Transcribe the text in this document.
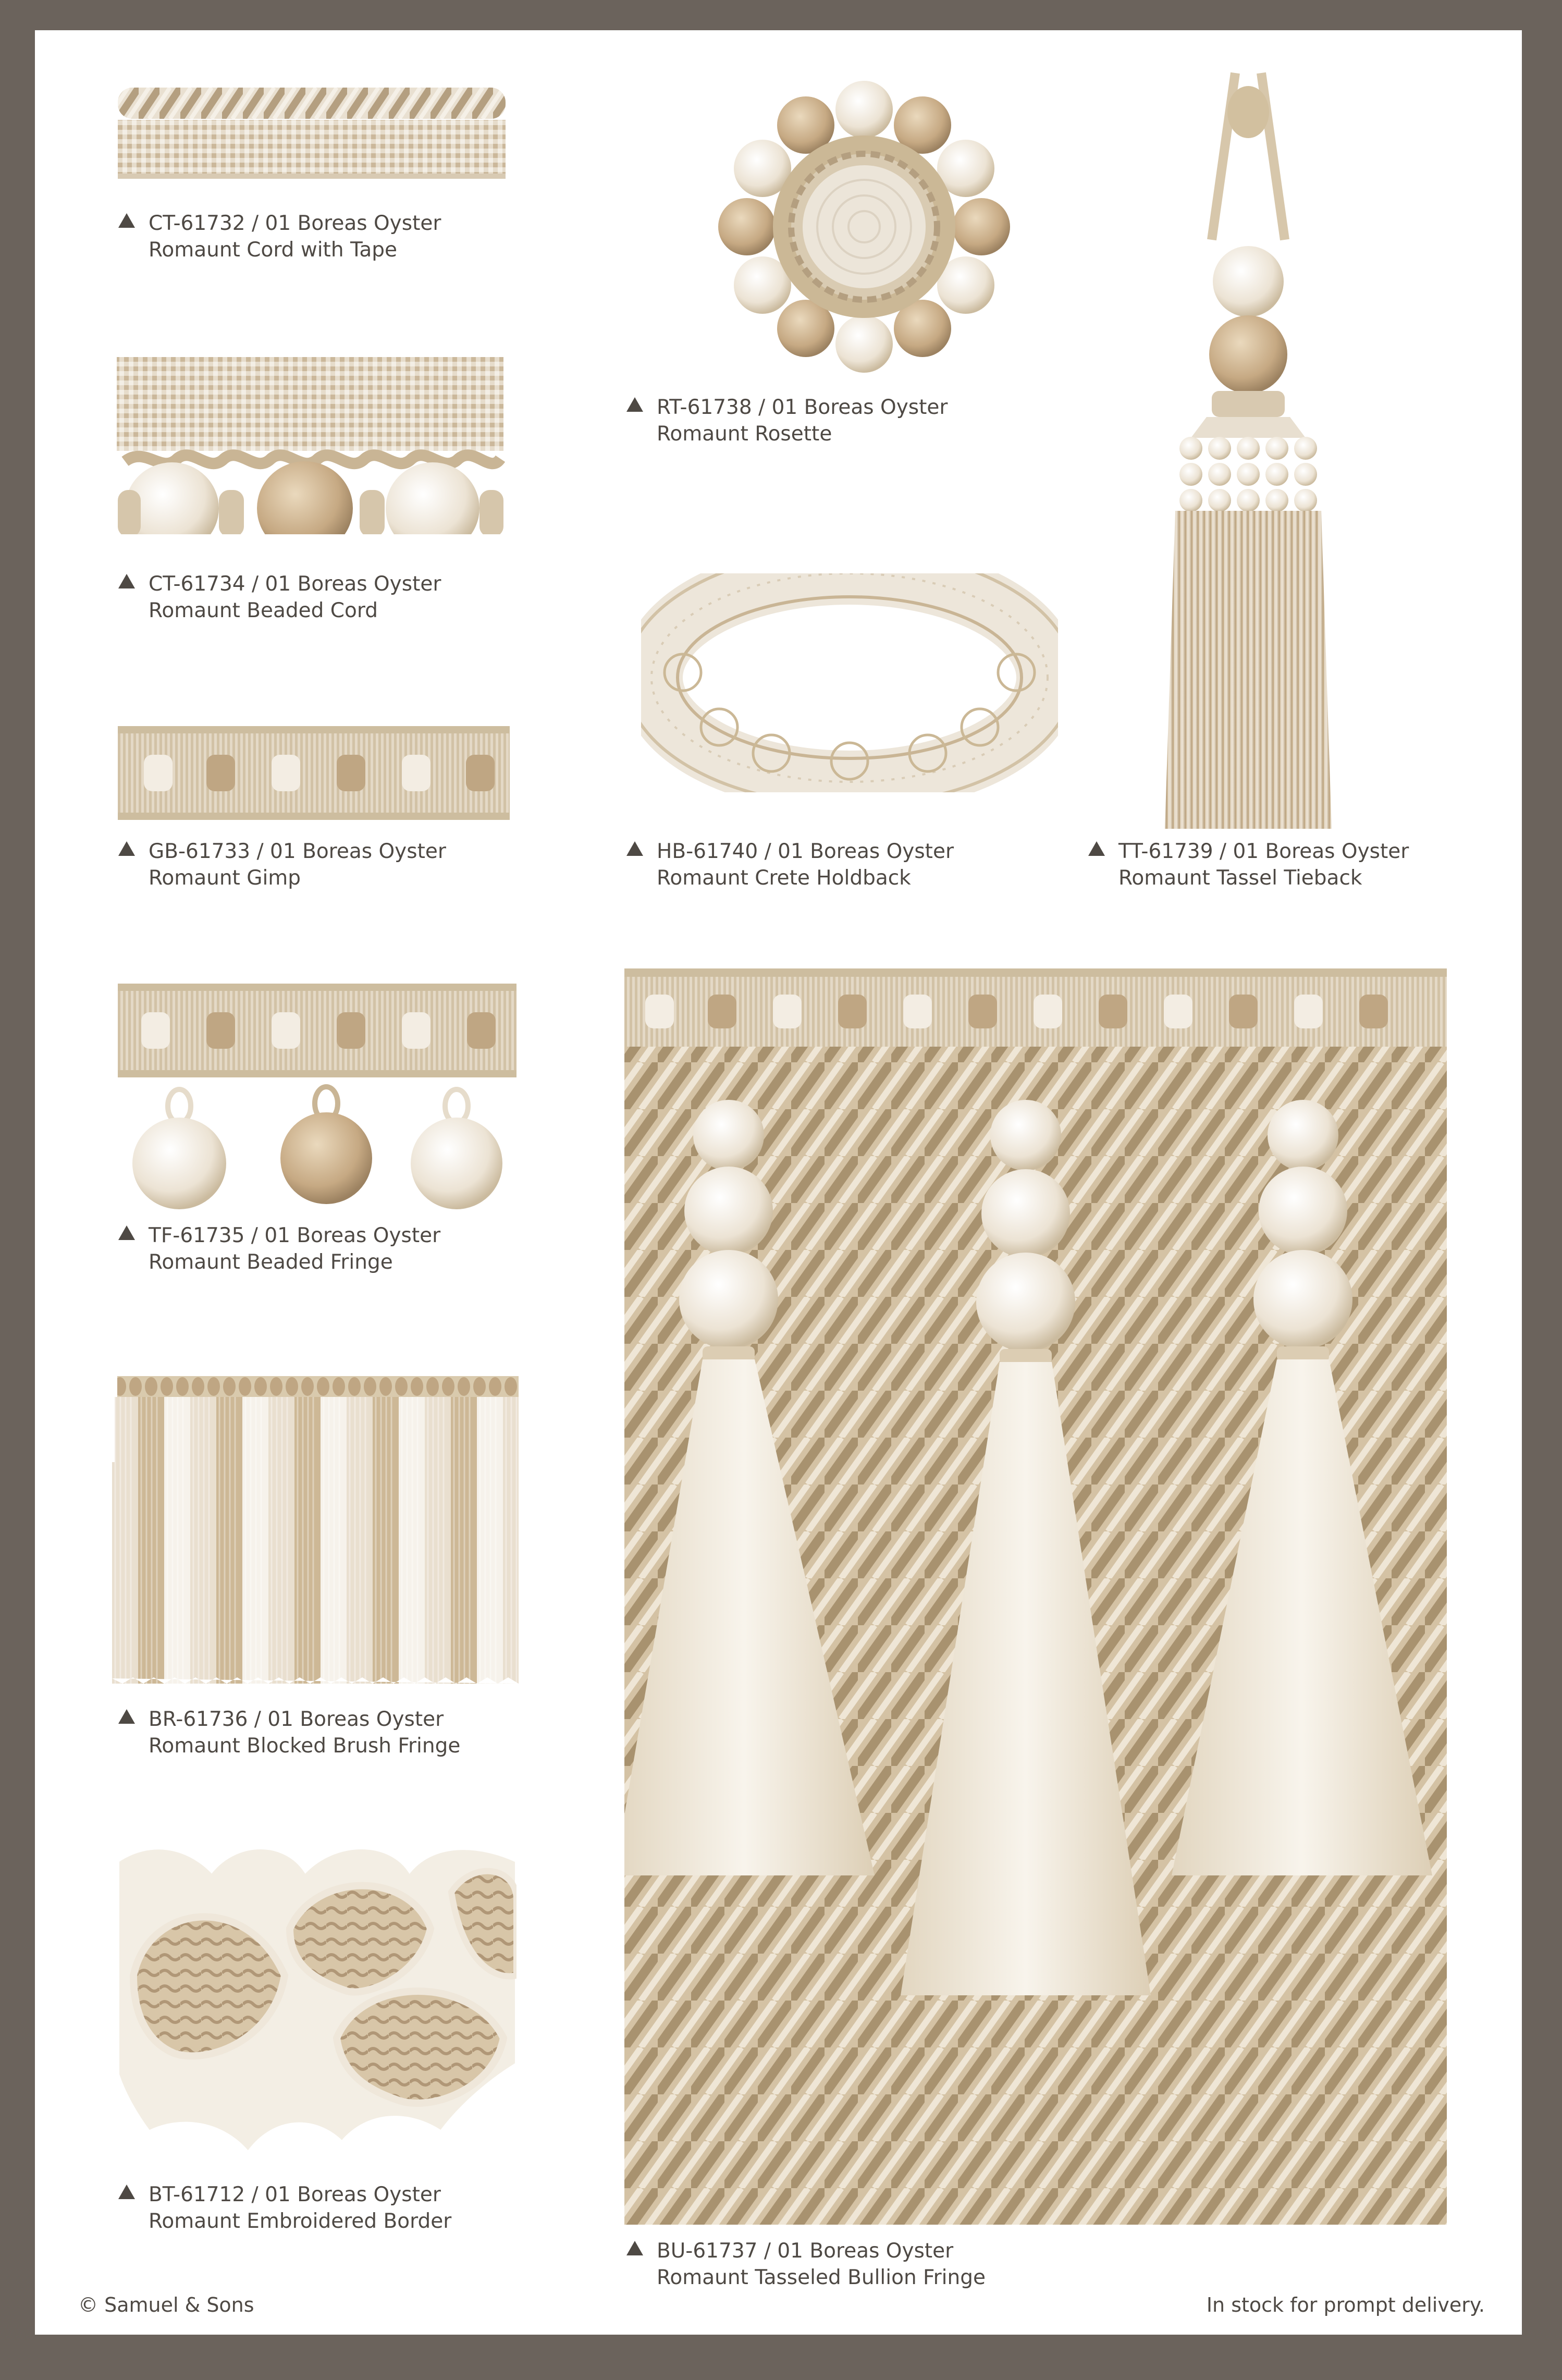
CT-61732 / 01 Boreas Oyster
Romaunt Cord with Tape
CT-61734 / 01 Boreas Oyster
Romaunt Beaded Cord
GB-61733 / 01 Boreas Oyster
Romaunt Gimp
TF-61735 / 01 Boreas Oyster
Romaunt Beaded Fringe
BR-61736 / 01 Boreas Oyster
Romaunt Blocked Brush Fringe
BT-61712 / 01 Boreas Oyster
Romaunt Embroidered Border
RT-61738 / 01 Boreas Oyster
Romaunt Rosette
HB-61740 / 01 Boreas Oyster
Romaunt Crete Holdback
TT-61739 / 01 Boreas Oyster
Romaunt Tassel Tieback
BU-61737 / 01 Boreas Oyster
Romaunt Tasseled Bullion Fringe
© Samuel & Sons	In stock for prompt delivery.
